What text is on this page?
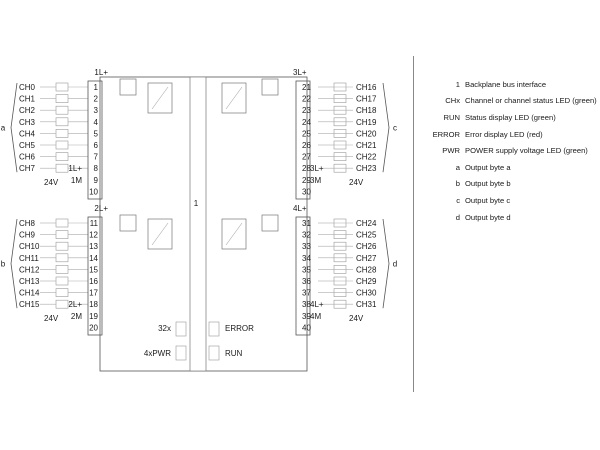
1
a
CH0
CH1
CH2
CH3
CH4
CH5
CH6
CH7
1
2
3
4
5
6
7
8
9
10
1L+
1L+
1M
24V
b
CH8
CH9
CH10
CH11
CH12
CH13
CH14
CH15
11
12
13
14
15
16
17
18
19
20
2L+
2L+
2M
24V
c
CH16
CH17
CH18
CH19
CH20
CH21
CH22
CH23
21
22
23
24
25
26
27
28
29
30
3L+
3L+
3M	24V
d
CH24
CH25
CH26
CH27
CH28
CH29
CH30
CH31
31
32
33
34
35
36
37
38
39
40
4L+
4L+
4M	24V
32x	ERROR
4xPWR	RUN
1 Backplane bus interface
CHx Channel or channel status LED (green)
RUN Status display LED (green)
ERROR Error display LED (red)
PWR POWER supply voltage LED (green)
a Output byte a
b Output byte b
c Output byte c
d Output byte d
